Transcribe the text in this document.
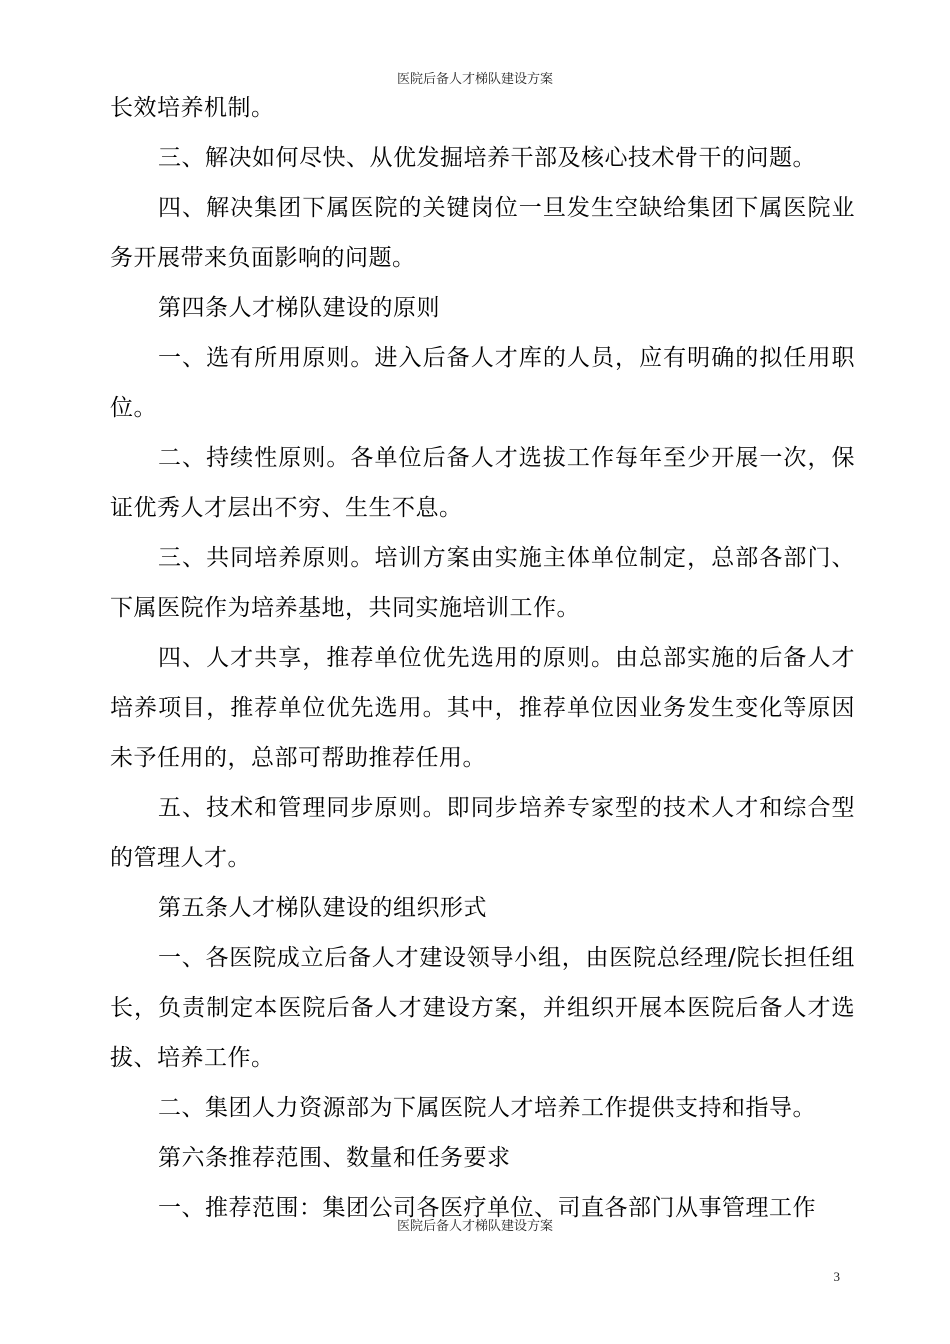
医院后备人才梯队建设方案

长效培养机制。

三、解决如何尽快、从优发掘培养干部及核心技术骨干的问题。

四、解决集团下属医院的关键岗位一旦发生空缺给集团下属医院业务开展带来负面影响的问题。

第四条人才梯队建设的原则

一、选有所用原则。进入后备人才库的人员，应有明确的拟任用职位。

二、持续性原则。各单位后备人才选拔工作每年至少开展一次，保证优秀人才层出不穷、生生不息。

三、共同培养原则。培训方案由实施主体单位制定，总部各部门、下属医院作为培养基地，共同实施培训工作。

四、人才共享，推荐单位优先选用的原则。由总部实施的后备人才培养项目，推荐单位优先选用。其中，推荐单位因业务发生变化等原因未予任用的，总部可帮助推荐任用。

五、技术和管理同步原则。即同步培养专家型的技术人才和综合型的管理人才。

第五条人才梯队建设的组织形式

一、各医院成立后备人才建设领导小组，由医院总经理/院长担任组长，负责制定本医院后备人才建设方案，并组织开展本医院后备人才选拔、培养工作。

二、集团人力资源部为下属医院人才培养工作提供支持和指导。

第六条推荐范围、数量和任务要求

一、推荐范围：集团公司各医疗单位、司直各部门从事管理工作

医院后备人才梯队建设方案
3
